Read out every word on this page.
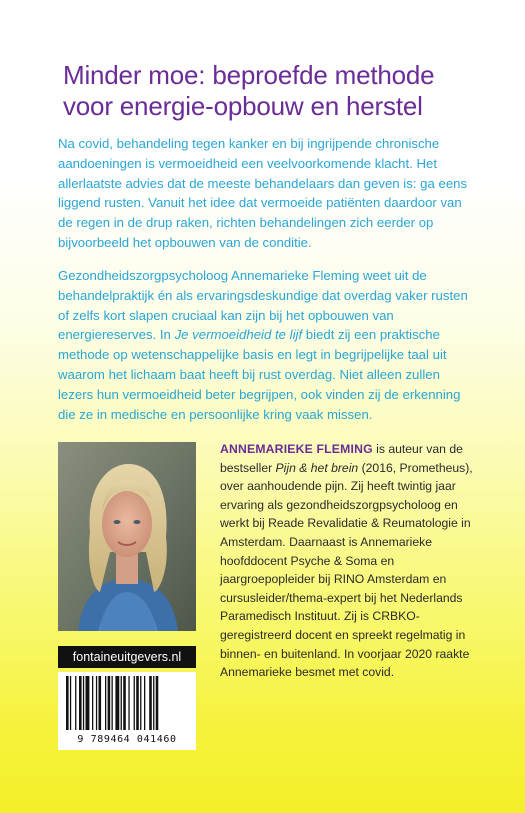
Minder moe: beproefde methode
voor energie-opbouw en herstel
Na covid, behandeling tegen kanker en bij ingrijpende chronische aandoeningen is vermoeidheid een veelvoorkomende klacht. Het allerlaatste advies dat de meeste behandelaars dan geven is: ga eens liggend rusten. Vanuit het idee dat vermoeide patiënten daardoor van de regen in de drup raken, richten behandelingen zich eerder op bijvoorbeeld het opbouwen van de conditie.
Gezondheidszorgpsycholoog Annemarieke Fleming weet uit de behandelpraktijk én als ervaringsdeskundige dat overdag vaker rusten of zelfs kort slapen cruciaal kan zijn bij het opbouwen van energiereserves. In Je vermoeidheid te lijf biedt zij een praktische methode op wetenschappelijke basis en legt in begrijpelijke taal uit waarom het lichaam baat heeft bij rust overdag. Niet alleen zullen lezers hun vermoeidheid beter begrijpen, ook vinden zij de erkenning die ze in medische en persoonlijke kring vaak missen.
ANNEMARIEKE FLEMING is auteur van de bestseller Pijn & het brein (2016, Prometheus), over aanhoudende pijn. Zij heeft twintig jaar ervaring als gezondheidszorgpsycholoog en werkt bij Reade Revalidatie & Reumatologie in Amsterdam. Daarnaast is Annemarieke hoofddocent Psyche & Soma en jaargroepopleider bij RINO Amsterdam en cursusleider/thema-expert bij het Nederlands Paramedisch Instituut. Zij is CRBKO-geregistreerd docent en spreekt regelmatig in binnen- en buitenland. In voorjaar 2020 raakte Annemarieke besmet met covid.
fontaineuitgevers.nl
9 789464 041460
